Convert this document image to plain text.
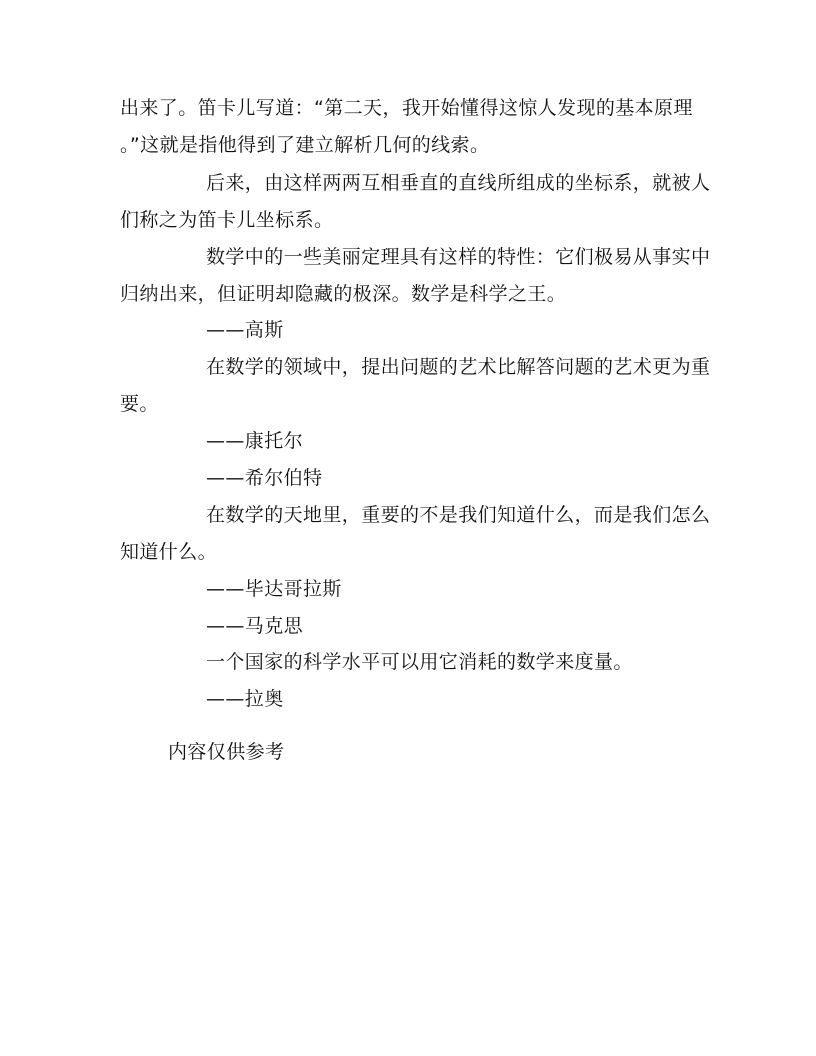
出来了。笛卡儿写道：“第二天，我开始懂得这惊人发现的基本原理
。”这就是指他得到了建立解析几何的线索。
后来，由这样两两互相垂直的直线所组成的坐标系，就被人
们称之为笛卡儿坐标系。
数学中的一些美丽定理具有这样的特性：它们极易从事实中
归纳出来，但证明却隐藏的极深。数学是科学之王。
——高斯
在数学的领域中，提出问题的艺术比解答问题的艺术更为重
要。
——康托尔
——希尔伯特
在数学的天地里，重要的不是我们知道什么，而是我们怎么
知道什么。
——毕达哥拉斯
——马克思
一个国家的科学水平可以用它消耗的数学来度量。
——拉奥
内容仅供参考
